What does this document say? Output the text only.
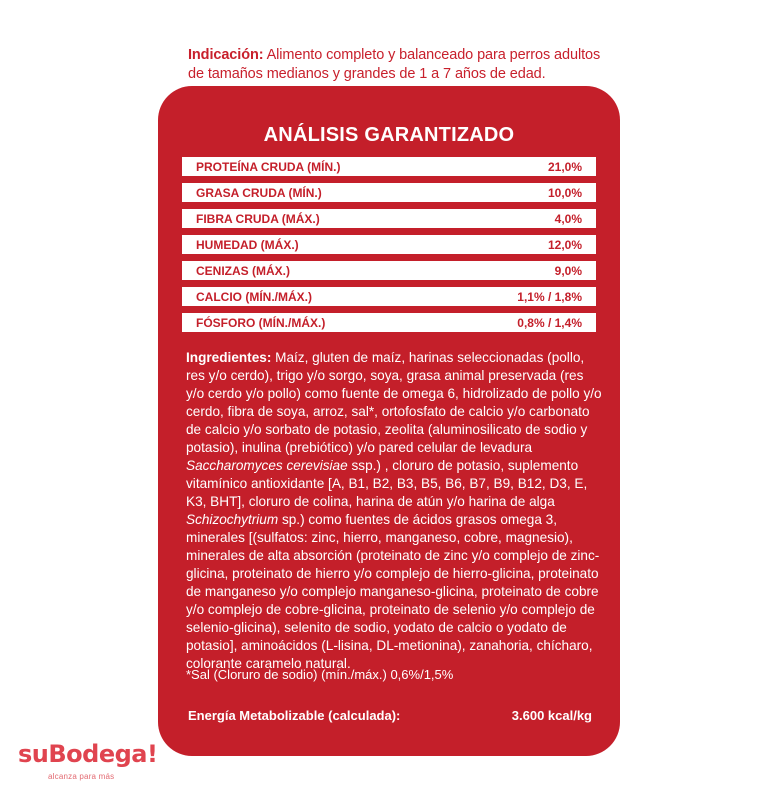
Indicación: Alimento completo y balanceado para perros adultos de tamaños medianos y grandes de 1 a 7 años de edad.
ANÁLISIS GARANTIZADO
PROTEÍNA CRUDA (MÍN.)	21,0%
GRASA CRUDA (MÍN.)	10,0%
FIBRA CRUDA (MÁX.)	4,0%
HUMEDAD (MÁX.)	12,0%
CENIZAS (MÁX.)	9,0%
CALCIO (MÍN./MÁX.)	1,1% / 1,8%
FÓSFORO (MÍN./MÁX.)	0,8% / 1,4%
Ingredientes: Maíz, gluten de maíz, harinas seleccionadas (pollo, res y/o cerdo), trigo y/o sorgo, soya, grasa animal preservada (res y/o cerdo y/o pollo) como fuente de omega 6, hidrolizado de pollo y/o cerdo, fibra de soya, arroz, sal*, ortofosfato de calcio y/o carbonato de calcio y/o sorbato de potasio, zeolita (aluminosilicato de sodio y potasio), inulina (prebiótico) y/o pared celular de levadura Saccharomyces cerevisiae ssp.) , cloruro de potasio, suplemento vitamínico antioxidante [A, B1, B2, B3, B5, B6, B7, B9, B12, D3, E, K3, BHT], cloruro de colina, harina de atún y/o harina de alga Schizochytrium sp.) como fuentes de ácidos grasos omega 3, minerales [(sulfatos: zinc, hierro, manganeso, cobre, magnesio), minerales de alta absorción (proteinato de zinc y/o complejo de zinc-glicina, proteinato de hierro y/o complejo de hierro-glicina, proteinato de manganeso y/o complejo manganeso-glicina, proteinato de cobre y/o complejo de cobre-glicina, proteinato de selenio y/o complejo de selenio-glicina), selenito de sodio, yodato de calcio o yodato de potasio], aminoácidos (L-lisina, DL-metionina), zanahoria, chícharo, colorante caramelo natural.
*Sal (Cloruro de sodio) (mín./máx.) 0,6%/1,5%
Energía Metabolizable (calculada):	3.600 kcal/kg
suBodega!
alcanza para más
